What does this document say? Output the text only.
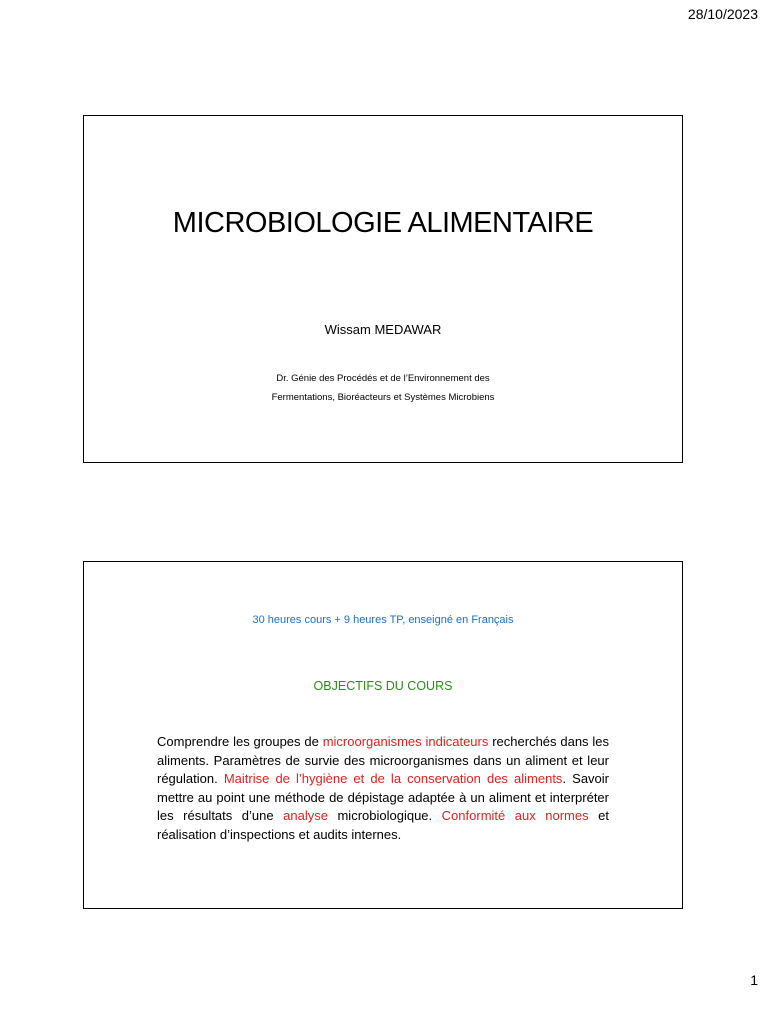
28/10/2023
MICROBIOLOGIE ALIMENTAIRE
Wissam MEDAWAR
Dr. Génie des Procédés et de l’Environnement des
Fermentations, Bioréacteurs et Systèmes Microbiens
30 heures cours + 9 heures TP, enseigné en Français
OBJECTIFS DU COURS
Comprendre les groupes de microorganismes indicateurs recherchés dans les aliments. Paramètres de survie des microorganismes dans un aliment et leur régulation. Maitrise de l’hygiène et de la conservation des aliments. Savoir mettre au point une méthode de dépistage adaptée à un aliment et interpréter les résultats d’une analyse microbiologique. Conformité aux normes et réalisation d’inspections et audits internes.
1
